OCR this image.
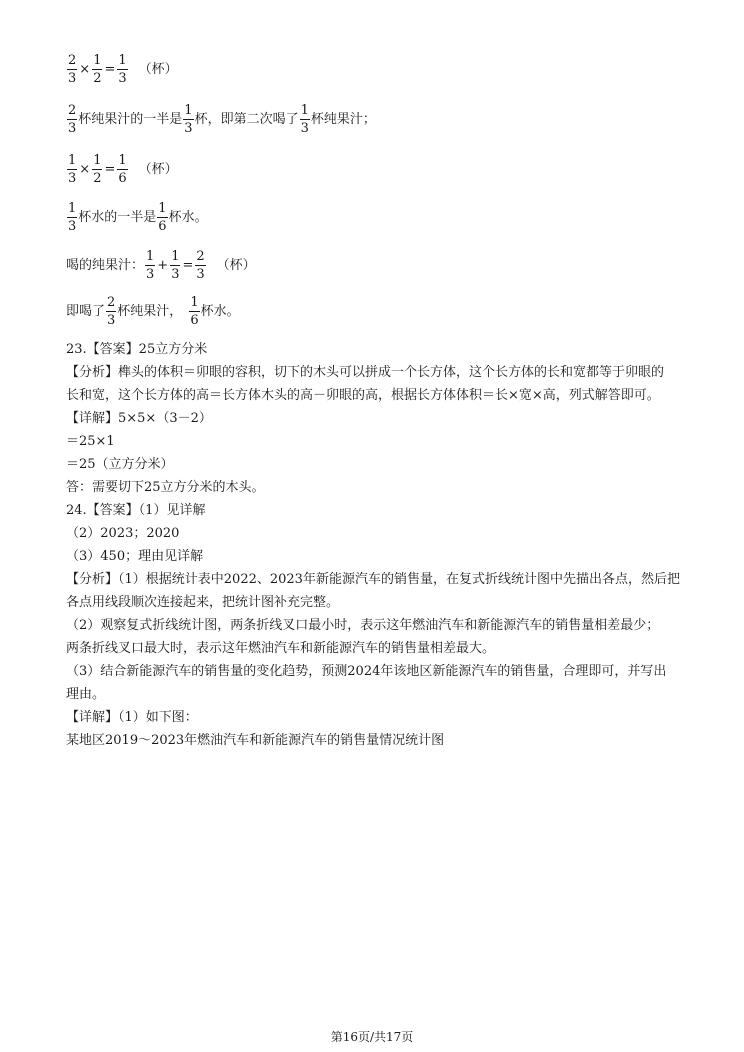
$\frac{2}{3} \times \frac{1}{2} = \frac{1}{3}$ （杯）
$\frac{2}{3}$ 杯纯果汁的一半是 $\frac{1}{3}$ 杯，即第二次喝了 $\frac{1}{3}$ 杯纯果汁；
$\frac{1}{3} \times \frac{1}{2} = \frac{1}{6}$ （杯）
$\frac{1}{3}$ 杯水的一半是 $\frac{1}{6}$ 杯水。
喝的纯果汁： $\frac{1}{3} + \frac{1}{3} = \frac{2}{3}$ （杯）
即喝了 $\frac{2}{3}$ 杯纯果汁， $\frac{1}{6}$ 杯水。
23.【答案】25立方分米
【分析】榫头的体积＝卯眼的容积，切下的木头可以拼成一个长方体，这个长方体的长和宽都等于卯眼的
长和宽，这个长方体的高＝长方体木头的高－卯眼的高，根据长方体体积＝长×宽×高，列式解答即可。
【详解】5×5×（3－2）
＝25×1
＝25（立方分米）
答：需要切下25立方分米的木头。
24.【答案】（1）见详解
（2）2023；2020
（3）450；理由见详解
【分析】（1）根据统计表中2022、2023年新能源汽车的销售量，在复式折线统计图中先描出各点，然后把
各点用线段顺次连接起来，把统计图补充完整。
（2）观察复式折线统计图，两条折线叉口最小时，表示这年燃油汽车和新能源汽车的销售量相差最少；
两条折线叉口最大时，表示这年燃油汽车和新能源汽车的销售量相差最大。
（3）结合新能源汽车的销售量的变化趋势，预测2024年该地区新能源汽车的销售量，合理即可，并写出
理由。
【详解】（1）如下图：
某地区2019～2023年燃油汽车和新能源汽车的销售量情况统计图
第16页/共17页
